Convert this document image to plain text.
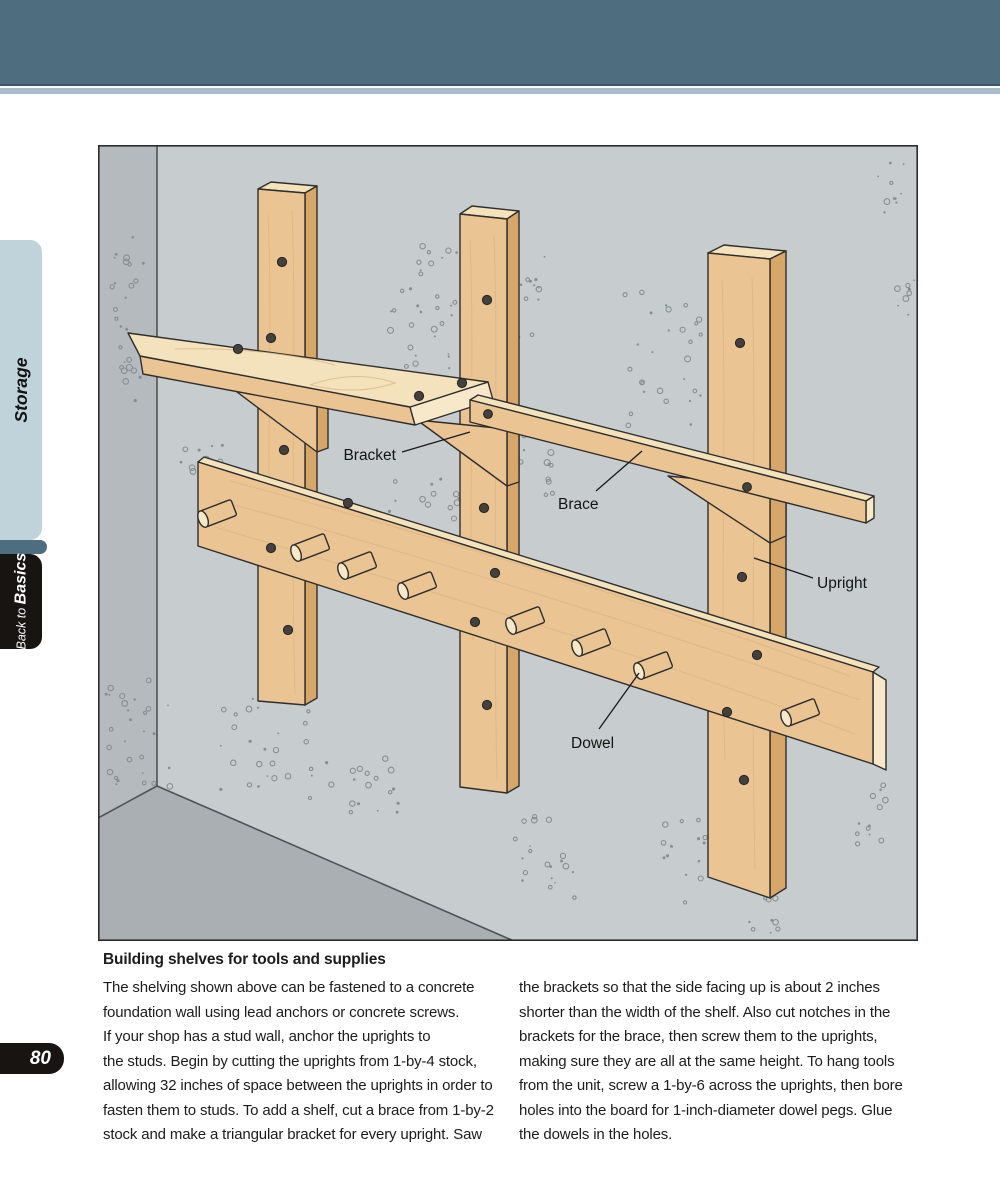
Storage
Back to Basics
80
Bracket
Brace
Upright
Dowel
Building shelves for tools and supplies
The shelving shown above can be fastened to a concrete
foundation wall using lead anchors or concrete screws.
If your shop has a stud wall, anchor the uprights to
the studs. Begin by cutting the uprights from 1-by-4 stock,
allowing 32 inches of space between the uprights in order to
fasten them to studs. To add a shelf, cut a brace from 1-by-2
stock and make a triangular bracket for every upright. Saw
the brackets so that the side facing up is about 2 inches
shorter than the width of the shelf. Also cut notches in the
brackets for the brace, then screw them to the uprights,
making sure they are all at the same height. To hang tools
from the unit, screw a 1-by-6 across the uprights, then bore
holes into the board for 1-inch-diameter dowel pegs. Glue
the dowels in the holes.
